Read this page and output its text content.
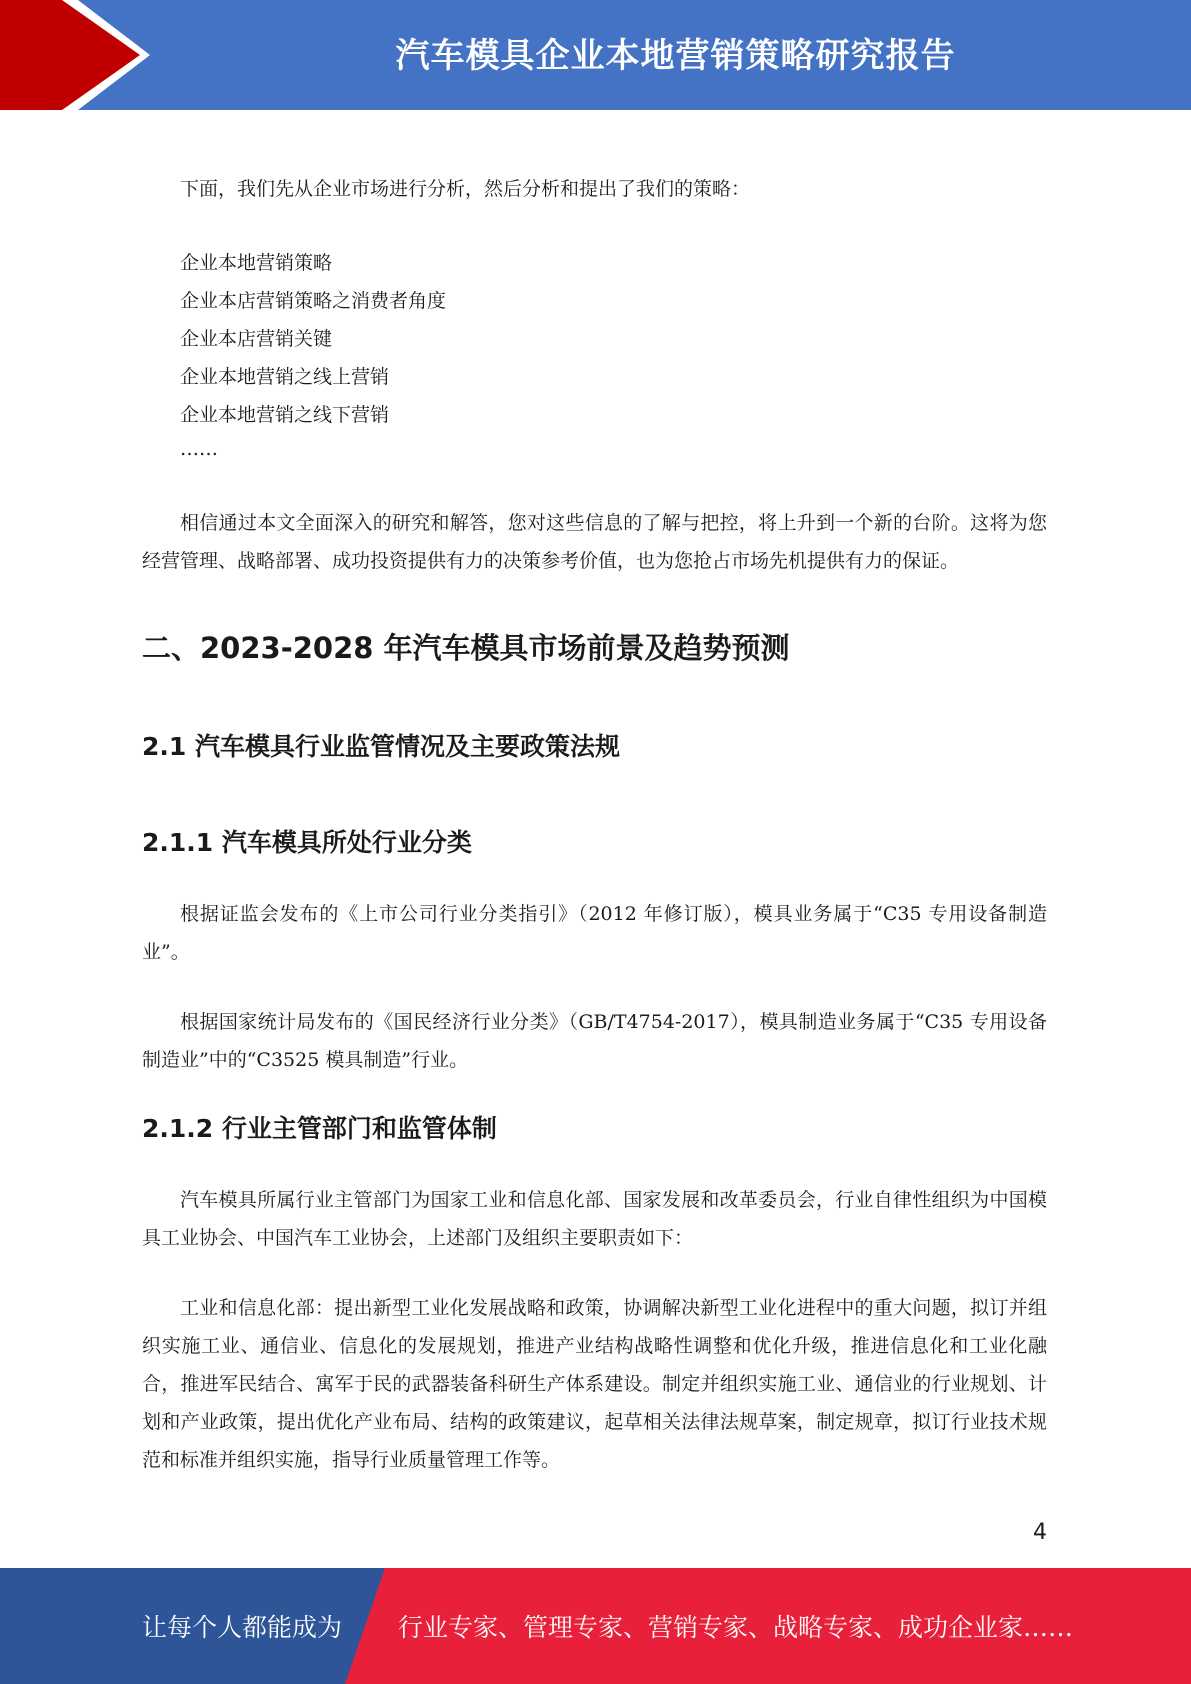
汽车模具企业本地营销策略研究报告

下面，我们先从企业市场进行分析，然后分析和提出了我们的策略：

企业本地营销策略

企业本店营销策略之消费者角度

企业本店营销关键

企业本地营销之线上营销

企业本地营销之线下营销

……

相信通过本文全面深入的研究和解答，您对这些信息的了解与把控，将上升到一个新的台阶。这将为您经营管理、战略部署、成功投资提供有力的决策参考价值，也为您抢占市场先机提供有力的保证。

二、2023-2028 年汽车模具市场前景及趋势预测
2.1 汽车模具行业监管情况及主要政策法规
2.1.1 汽车模具所处行业分类

根据证监会发布的《上市公司行业分类指引》（2012 年修订版），模具业务属于“C35 专用设备制造业”。

根据国家统计局发布的《国民经济行业分类》（GB/T4754-2017），模具制造业务属于“C35 专用设备制造业”中的“C3525 模具制造”行业。

2.1.2 行业主管部门和监管体制

汽车模具所属行业主管部门为国家工业和信息化部、国家发展和改革委员会，行业自律性组织为中国模具工业协会、中国汽车工业协会，上述部门及组织主要职责如下：

工业和信息化部：提出新型工业化发展战略和政策，协调解决新型工业化进程中的重大问题，拟订并组织实施工业、通信业、信息化的发展规划，推进产业结构战略性调整和优化升级，推进信息化和工业化融合，推进军民结合、寓军于民的武器装备科研生产体系建设。制定并组织实施工业、通信业的行业规划、计划和产业政策，提出优化产业布局、结构的政策建议，起草相关法律法规草案，制定规章，拟订行业技术规范和标准并组织实施，指导行业质量管理工作等。

4
让每个人都能成为 行业专家、管理专家、营销专家、战略专家、成功企业家……
